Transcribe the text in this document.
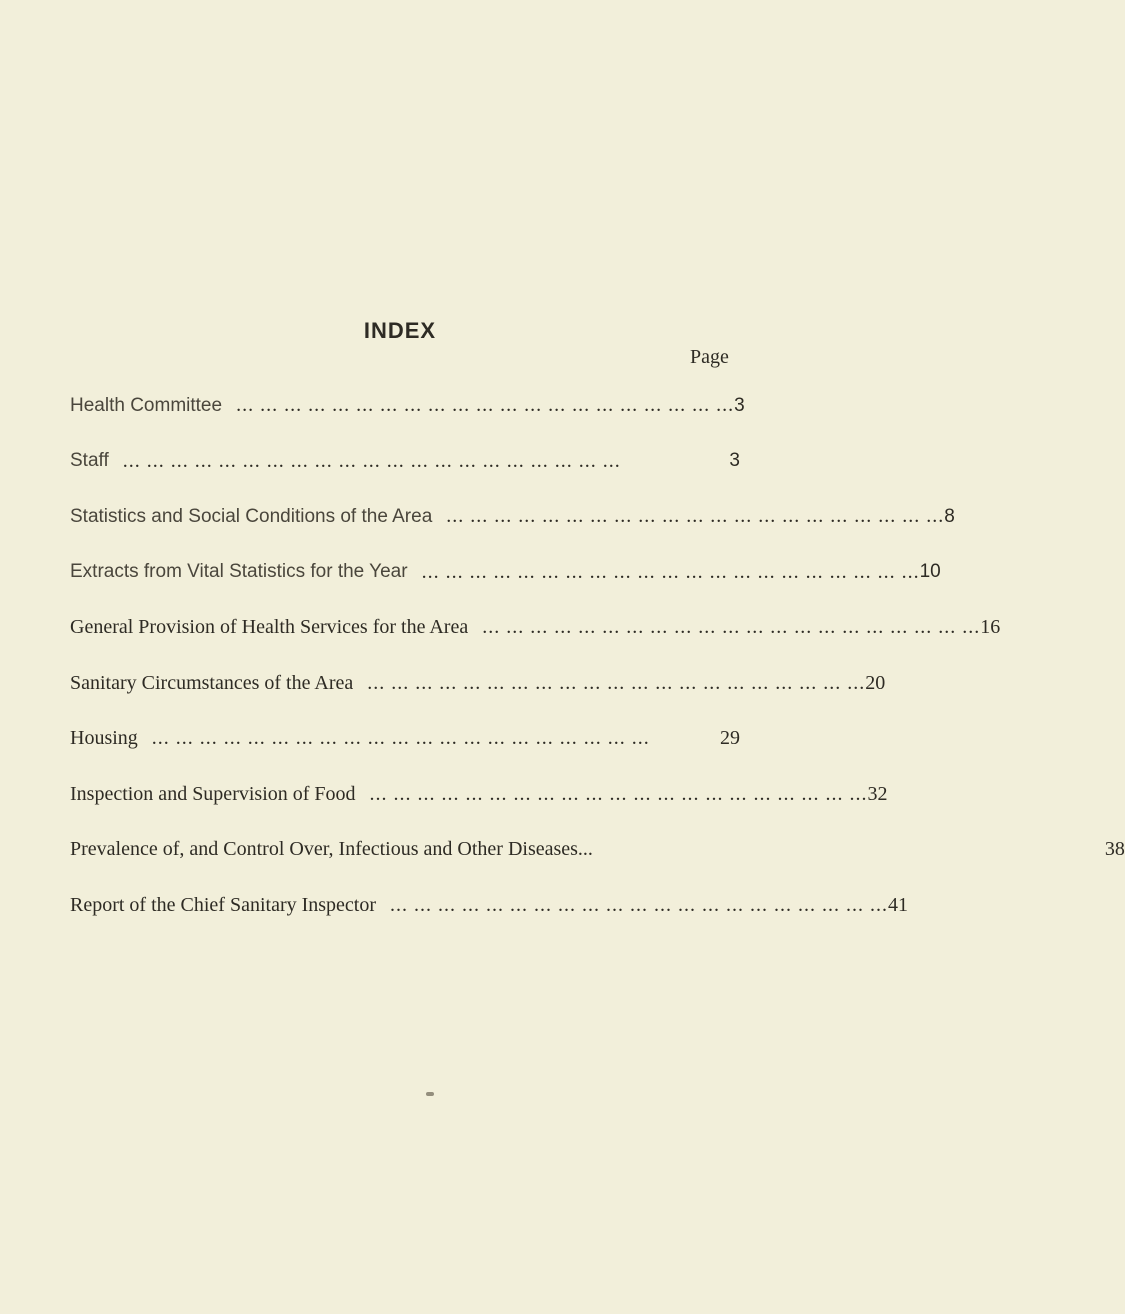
INDEX
Page
Health Committee ... ... ... ... ... ... ... ... ... ... ... ... ... ... ... ... ... ... ... ... ... 3
Staff ... ... ... ... ... ... ... ... ... ... ... ... ... ... ... ... ... ... ... ... ...	3
Statistics and Social Conditions of the Area ... ... ... ... ... ... ... ... ... ... ... ... ... ... ... ... ... ... ... ... ... 8
Extracts from Vital Statistics for the Year ... ... ... ... ... ... ... ... ... ... ... ... ... ... ... ... ... ... ... ... ... 10
General Provision of Health Services for the Area ... ... ... ... ... ... ... ... ... ... ... ... ... ... ... ... ... ... ... ... ... 16
Sanitary Circumstances of the Area ... ... ... ... ... ... ... ... ... ... ... ... ... ... ... ... ... ... ... ... ... 20
Housing ... ... ... ... ... ... ... ... ... ... ... ... ... ... ... ... ... ... ... ... ...	29
Inspection and Supervision of Food ... ... ... ... ... ... ... ... ... ... ... ... ... ... ... ... ... ... ... ... ... 32
Prevalence of, and Control Over, Infectious and Other Diseases...	38
Report of the Chief Sanitary Inspector ... ... ... ... ... ... ... ... ... ... ... ... ... ... ... ... ... ... ... ... ... 41
